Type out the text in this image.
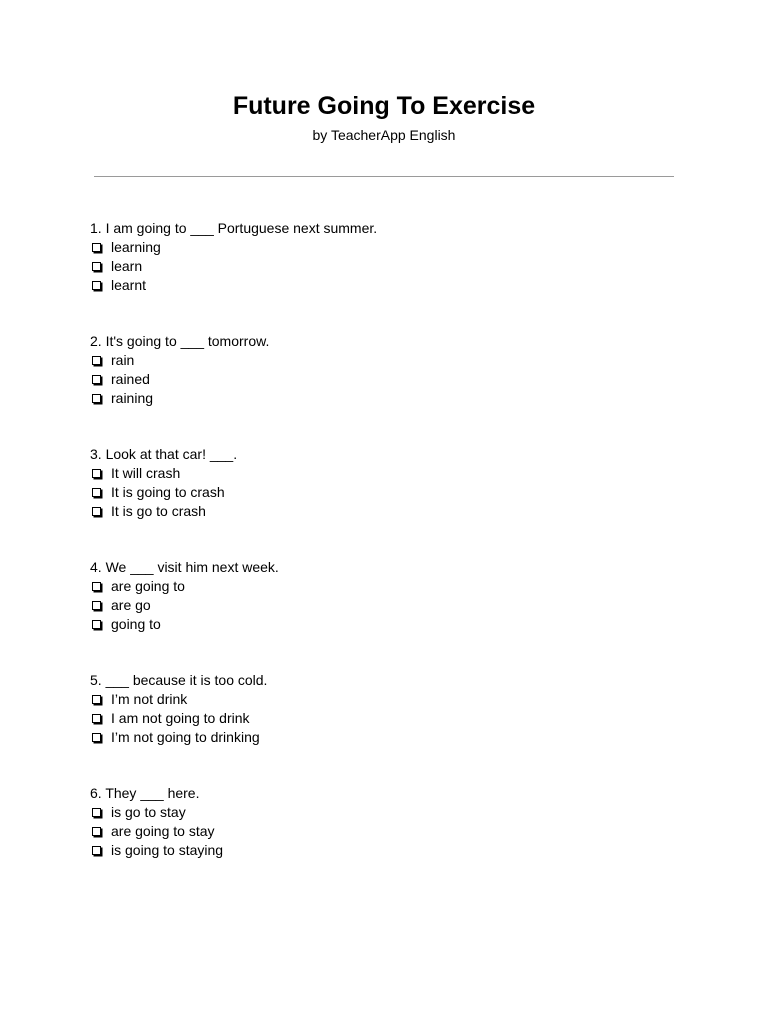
Future Going To Exercise
by TeacherApp English
1. I am going to ___ Portuguese next summer.
learning
learn
learnt
2. It's going to ___ tomorrow.
rain
rained
raining
3. Look at that car! ___.
It will crash
It is going to crash
It is go to crash
4. We ___ visit him next week.
are going to
are go
going to
5. ___ because it is too cold.
I’m not drink
I am not going to drink
I’m not going to drinking
6. They ___ here.
is go to stay
are going to stay
is going to staying
